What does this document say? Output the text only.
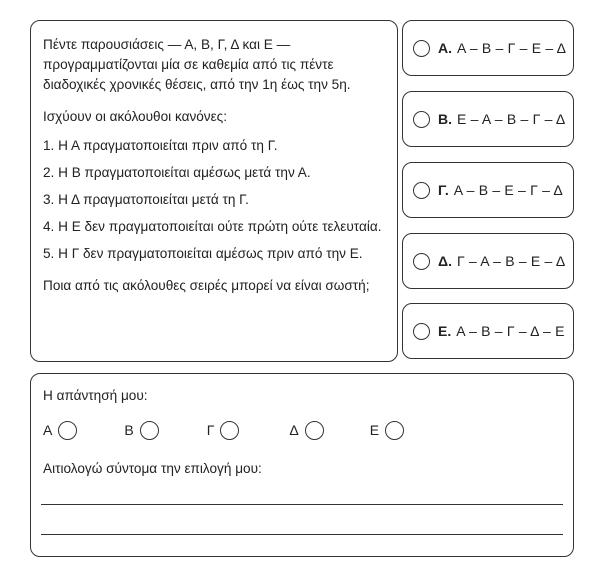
Πέντε παρουσιάσεις — Α, Β, Γ, Δ και Ε — προγραμματίζονται μία σε καθεμία από τις πέντε διαδοχικές χρονικές θέσεις, από την 1η έως την 5η.

Ισχύουν οι ακόλουθοι κανόνες:

1. Η Α πραγματοποιείται πριν από τη Γ.

2. Η Β πραγματοποιείται αμέσως μετά την Α.

3. Η Δ πραγματοποιείται μετά τη Γ.

4. Η Ε δεν πραγματοποιείται ούτε πρώτη ούτε τελευταία.

5. Η Γ δεν πραγματοποιείται αμέσως πριν από την Ε.

Ποια από τις ακόλουθες σειρές μπορεί να είναι σωστή;

Α. Α – Β – Γ – Ε – Δ
Β. Ε – Α – Β – Γ – Δ
Γ. Α – Β – Ε – Γ – Δ
Δ. Γ – Α – Β – Ε – Δ
Ε. Α – Β – Γ – Δ – Ε

Η απάντησή μου:

Α	Β	Γ	Δ	Ε

Αιτιολογώ σύντομα την επιλογή μου:
